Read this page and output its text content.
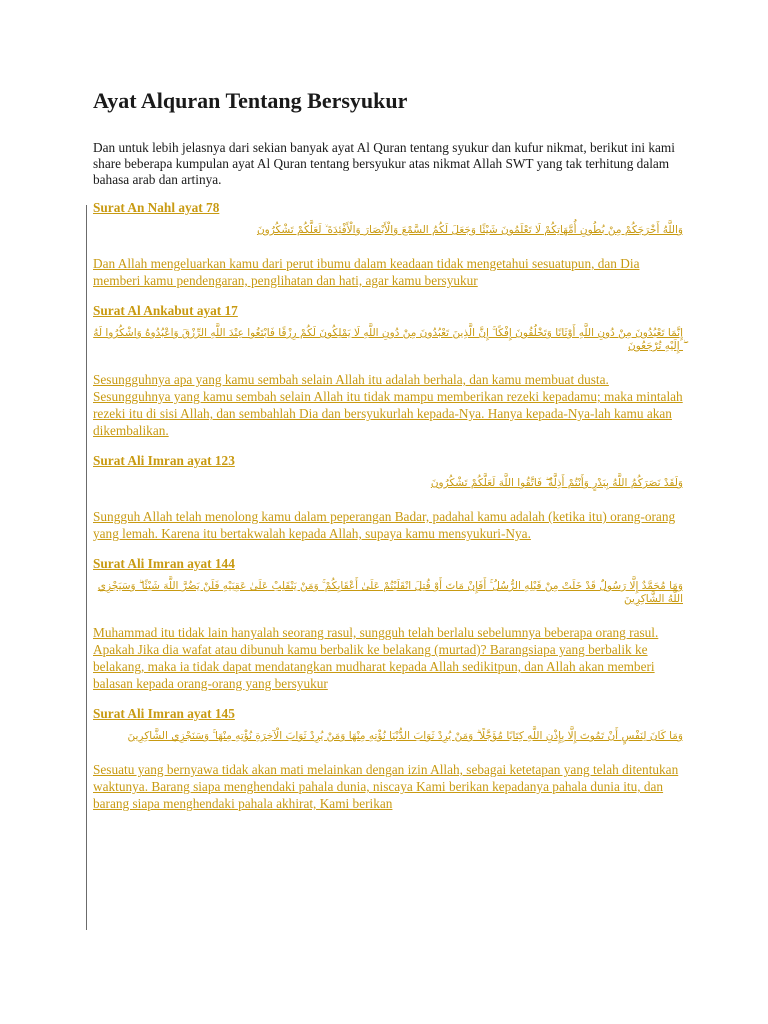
Ayat Alquran Tentang Bersyukur

Dan untuk lebih jelasnya dari sekian banyak ayat Al Quran tentang syukur dan kufur nikmat, berikut ini kami share beberapa kumpulan ayat Al Quran tentang bersyukur atas nikmat Allah SWT yang tak terhitung dalam bahasa arab dan artinya.

Surat An Nahl ayat 78

وَاللَّهُ أَخْرَجَكُمْ مِنْ بُطُونِ أُمَّهَاتِكُمْ لَا تَعْلَمُونَ شَيْئًا وَجَعَلَ لَكُمُ السَّمْعَ وَالْأَبْصَارَ وَالْأَفْئِدَةَ ۙ لَعَلَّكُمْ تَشْكُرُونَ

Dan Allah mengeluarkan kamu dari perut ibumu dalam keadaan tidak mengetahui sesuatupun, dan Dia memberi kamu pendengaran, penglihatan dan hati, agar kamu bersyukur

Surat Al Ankabut ayat 17

إِنَّمَا تَعْبُدُونَ مِنْ دُونِ اللَّهِ أَوْثَانًا وَتَخْلُقُونَ إِفْكًا ۚ إِنَّ الَّذِينَ تَعْبُدُونَ مِنْ دُونِ اللَّهِ لَا يَمْلِكُونَ لَكُمْ رِزْقًا فَابْتَغُوا عِنْدَ اللَّهِ الرِّزْقَ وَاعْبُدُوهُ وَاشْكُرُوا لَهُ ۖ إِلَيْهِ تُرْجَعُونَ

Sesungguhnya apa yang kamu sembah selain Allah itu adalah berhala, dan kamu membuat dusta. Sesungguhnya yang kamu sembah selain Allah itu tidak mampu memberikan rezeki kepadamu; maka mintalah rezeki itu di sisi Allah, dan sembahlah Dia dan bersyukurlah kepada-Nya. Hanya kepada-Nya-lah kamu akan dikembalikan.

Surat Ali Imran ayat 123

وَلَقَدْ نَصَرَكُمُ اللَّهُ بِبَدْرٍ وَأَنْتُمْ أَذِلَّةٌ ۖ فَاتَّقُوا اللَّهَ لَعَلَّكُمْ تَشْكُرُونَ

Sungguh Allah telah menolong kamu dalam peperangan Badar, padahal kamu adalah (ketika itu) orang-orang yang lemah. Karena itu bertakwalah kepada Allah, supaya kamu mensyukuri-Nya.

Surat Ali Imran ayat 144

وَمَا مُحَمَّدٌ إِلَّا رَسُولٌ قَدْ خَلَتْ مِنْ قَبْلِهِ الرُّسُلُ ۚ أَفَإِنْ مَاتَ أَوْ قُتِلَ انْقَلَبْتُمْ عَلَىٰ أَعْقَابِكُمْ ۚ وَمَنْ يَنْقَلِبْ عَلَىٰ عَقِبَيْهِ فَلَنْ يَضُرَّ اللَّهَ شَيْئًا ۗ وَسَيَجْزِي اللَّهُ الشَّاكِرِينَ

Muhammad itu tidak lain hanyalah seorang rasul, sungguh telah berlalu sebelumnya beberapa orang rasul. Apakah Jika dia wafat atau dibunuh kamu berbalik ke belakang (murtad)? Barangsiapa yang berbalik ke belakang, maka ia tidak dapat mendatangkan mudharat kepada Allah sedikitpun, dan Allah akan memberi balasan kepada orang-orang yang bersyukur

Surat Ali Imran ayat 145

وَمَا كَانَ لِنَفْسٍ أَنْ تَمُوتَ إِلَّا بِإِذْنِ اللَّهِ كِتَابًا مُؤَجَّلًا ۗ وَمَنْ يُرِدْ ثَوَابَ الدُّنْيَا نُؤْتِهِ مِنْهَا وَمَنْ يُرِدْ ثَوَابَ الْآخِرَةِ نُؤْتِهِ مِنْهَا ۚ وَسَنَجْزِي الشَّاكِرِينَ

Sesuatu yang bernyawa tidak akan mati melainkan dengan izin Allah, sebagai ketetapan yang telah ditentukan waktunya. Barang siapa menghendaki pahala dunia, niscaya Kami berikan kepadanya pahala dunia itu, dan barang siapa menghendaki pahala akhirat, Kami berikan
